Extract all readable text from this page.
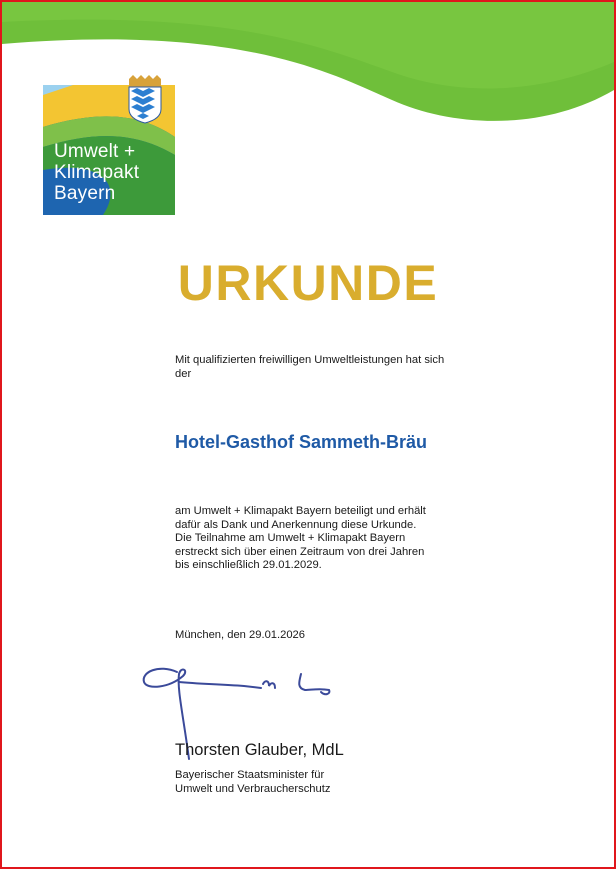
Umwelt +
Klimapakt
Bayern
URKUNDE
Mit qualifizierten freiwilligen Umweltleistungen hat sich
der
Hotel-Gasthof Sammeth-Bräu
am Umwelt + Klimapakt Bayern beteiligt und erhält
dafür als Dank und Anerkennung diese Urkunde.
Die Teilnahme am Umwelt + Klimapakt Bayern
erstreckt sich über einen Zeitraum von drei Jahren
bis einschließlich 29.01.2029.
München, den 29.01.2026
Thorsten Glauber, MdL
Bayerischer Staatsminister für
Umwelt und Verbraucherschutz
